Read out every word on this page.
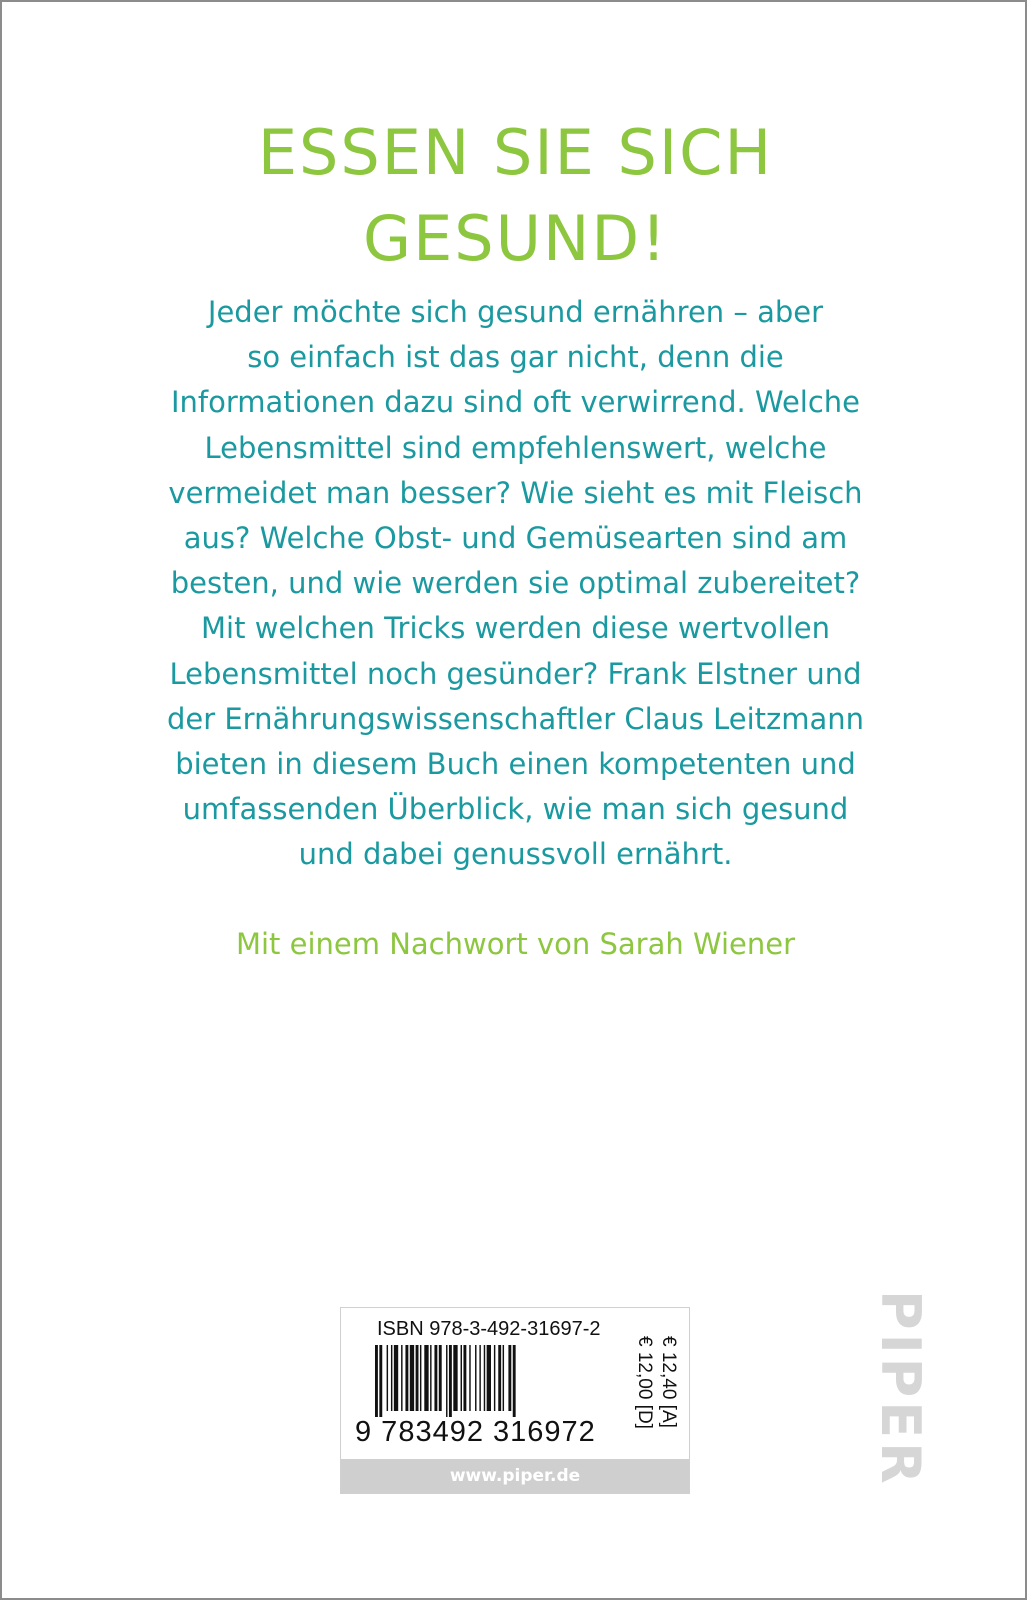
ESSEN SIE SICH
GESUND!
Jeder möchte sich gesund ernähren – aber
so einfach ist das gar nicht, denn die
Informationen dazu sind oft verwirrend. Welche
Lebensmittel sind empfehlenswert, welche
vermeidet man besser? Wie sieht es mit Fleisch
aus? Welche Obst- und Gemüsearten sind am
besten, und wie werden sie optimal zubereitet?
Mit welchen Tricks werden diese wertvollen
Lebensmittel noch gesünder? Frank Elstner und
der Ernährungswissenschaftler Claus Leitzmann
bieten in diesem Buch einen kompetenten und
umfassenden Überblick, wie man sich gesund
und dabei genussvoll ernährt.
Mit einem Nachwort von Sarah Wiener
ISBN 978-3-492-31697-2
9 783492 316972
€ 12,00 [D] € 12,40 [A]
www.piper.de	PIPER
